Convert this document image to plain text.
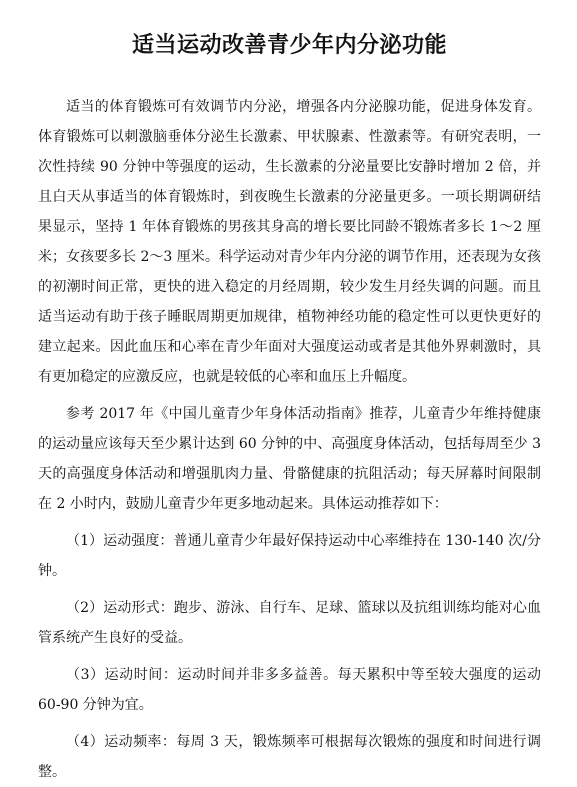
适当运动改善青少年内分泌功能

适当的体育锻炼可有效调节内分泌，增强各内分泌腺功能，促进身体发育。体育锻炼可以刺激脑垂体分泌生长激素、甲状腺素、性激素等。有研究表明，一次性持续 90 分钟中等强度的运动，生长激素的分泌量要比安静时增加 2 倍，并且白天从事适当的体育锻炼时，到夜晚生长激素的分泌量更多。一项长期调研结果显示，坚持 1 年体育锻炼的男孩其身高的增长要比同龄不锻炼者多长 1～2 厘米；女孩要多长 2～3 厘米。科学运动对青少年内分泌的调节作用，还表现为女孩的初潮时间正常，更快的进入稳定的月经周期，较少发生月经失调的问题。而且适当运动有助于孩子睡眠周期更加规律，植物神经功能的稳定性可以更快更好的建立起来。因此血压和心率在青少年面对大强度运动或者是其他外界刺激时，具有更加稳定的应激反应，也就是较低的心率和血压上升幅度。

参考 2017 年《中国儿童青少年身体活动指南》推荐，儿童青少年维持健康的运动量应该每天至少累计达到 60 分钟的中、高强度身体活动，包括每周至少 3 天的高强度身体活动和增强肌肉力量、骨骼健康的抗阻活动；每天屏幕时间限制在 2 小时内，鼓励儿童青少年更多地动起来。具体运动推荐如下：

（1）运动强度：普通儿童青少年最好保持运动中心率维持在 130-140 次/分钟。

（2）运动形式：跑步、游泳、自行车、足球、篮球以及抗组训练均能对心血管系统产生良好的受益。

（3）运动时间：运动时间并非多多益善。每天累积中等至较大强度的运动 60-90 分钟为宜。

（4）运动频率：每周 3 天，锻炼频率可根据每次锻炼的强度和时间进行调整。
